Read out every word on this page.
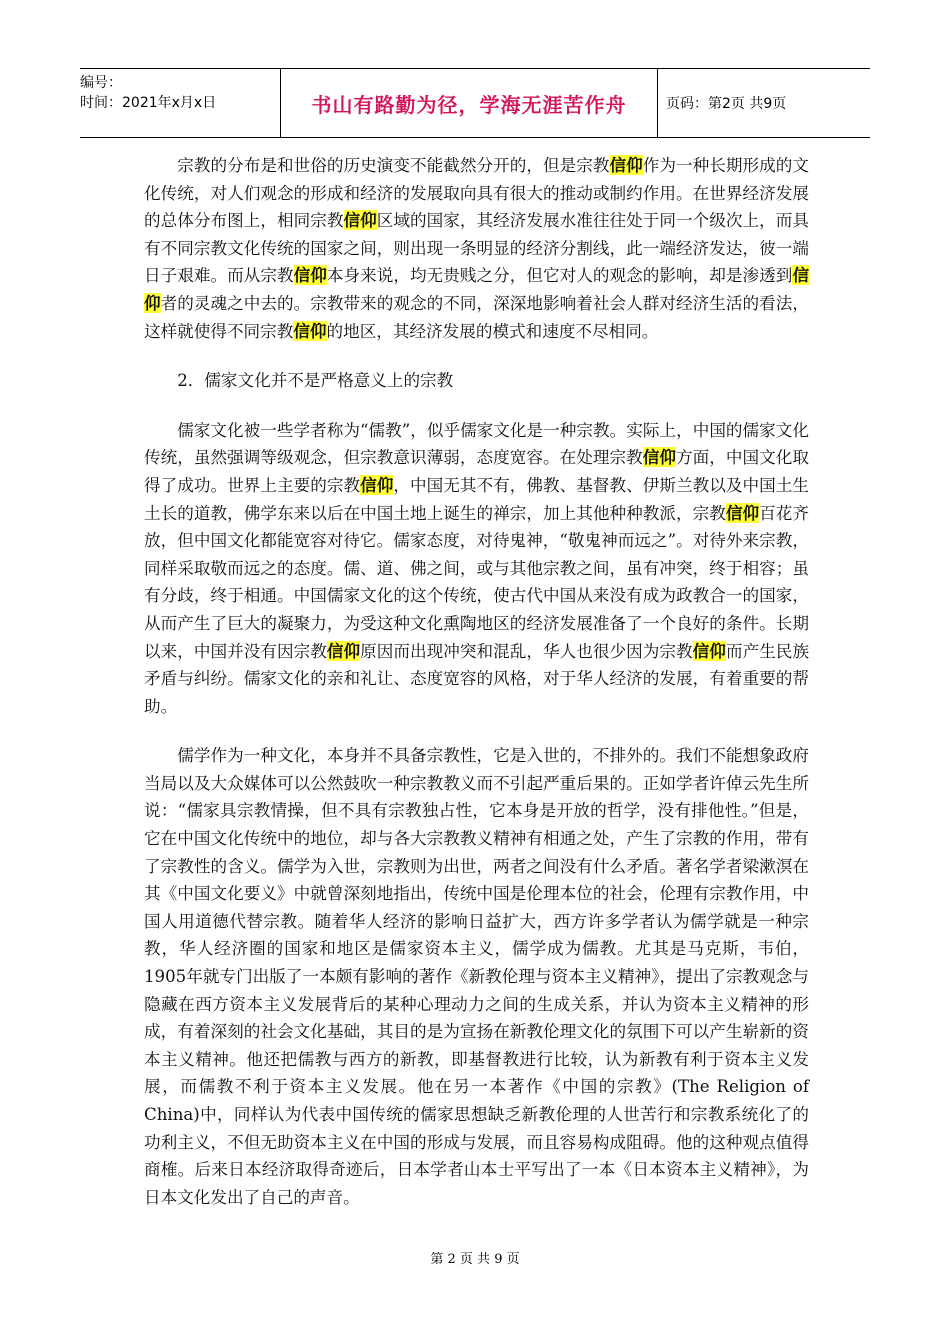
编号：
时间：2021年x月x日	书山有路勤为径，学海无涯苦作舟	页码：第2页 共9页

宗教的分布是和世俗的历史演变不能截然分开的，但是宗教信仰作为一种长期形成的文化传统，对人们观念的形成和经济的发展取向具有很大的推动或制约作用。在世界经济发展的总体分布图上，相同宗教信仰区域的国家，其经济发展水准往往处于同一个级次上，而具有不同宗教文化传统的国家之间，则出现一条明显的经济分割线，此一端经济发达，彼一端日子艰难。而从宗教信仰本身来说，均无贵贱之分，但它对人的观念的影响，却是渗透到信仰者的灵魂之中去的。宗教带来的观念的不同，深深地影响着社会人群对经济生活的看法，这样就使得不同宗教信仰的地区，其经济发展的模式和速度不尽相同。

2．儒家文化并不是严格意义上的宗教

儒家文化被一些学者称为“儒教”，似乎儒家文化是一种宗教。实际上，中国的儒家文化传统，虽然强调等级观念，但宗教意识薄弱，态度宽容。在处理宗教信仰方面，中国文化取得了成功。世界上主要的宗教信仰，中国无其不有，佛教、基督教、伊斯兰教以及中国土生土长的道教，佛学东来以后在中国土地上诞生的禅宗，加上其他种种教派，宗教信仰百花齐放，但中国文化都能宽容对待它。儒家态度，对待鬼神，“敬鬼神而远之”。对待外来宗教，同样采取敬而远之的态度。儒、道、佛之间，或与其他宗教之间，虽有冲突，终于相容；虽有分歧，终于相通。中国儒家文化的这个传统，使古代中国从来没有成为政教合一的国家，从而产生了巨大的凝聚力，为受这种文化熏陶地区的经济发展准备了一个良好的条件。长期以来，中国并没有因宗教信仰原因而出现冲突和混乱，华人也很少因为宗教信仰而产生民族矛盾与纠纷。儒家文化的亲和礼让、态度宽容的风格，对于华人经济的发展，有着重要的帮助。

儒学作为一种文化，本身并不具备宗教性，它是入世的，不排外的。我们不能想象政府当局以及大众媒体可以公然鼓吹一种宗教教义而不引起严重后果的。正如学者许倬云先生所说：“儒家具宗教情操，但不具有宗教独占性，它本身是开放的哲学，没有排他性。”但是，它在中国文化传统中的地位，却与各大宗教教义精神有相通之处，产生了宗教的作用，带有了宗教性的含义。儒学为入世，宗教则为出世，两者之间没有什么矛盾。著名学者梁漱溟在其《中国文化要义》中就曾深刻地指出，传统中国是伦理本位的社会，伦理有宗教作用，中国人用道德代替宗教。随着华人经济的影响日益扩大，西方许多学者认为儒学就是一种宗教，华人经济圈的国家和地区是儒家资本主义，儒学成为儒教。尤其是马克斯，韦伯，1905年就专门出版了一本颇有影响的著作《新教伦理与资本主义精神》，提出了宗教观念与隐藏在西方资本主义发展背后的某种心理动力之间的生成关系，并认为资本主义精神的形成，有着深刻的社会文化基础，其目的是为宣扬在新教伦理文化的氛围下可以产生崭新的资本主义精神。他还把儒教与西方的新教，即基督教进行比较，认为新教有利于资本主义发展，而儒教不利于资本主义发展。他在另一本著作《中国的宗教》(The Religion of China)中，同样认为代表中国传统的儒家思想缺乏新教伦理的人世苦行和宗教系统化了的功利主义，不但无助资本主义在中国的形成与发展，而且容易构成阻碍。他的这种观点值得商榷。后来日本经济取得奇迹后，日本学者山本士平写出了一本《日本资本主义精神》，为日本文化发出了自己的声音。

第 2 页 共 9 页
